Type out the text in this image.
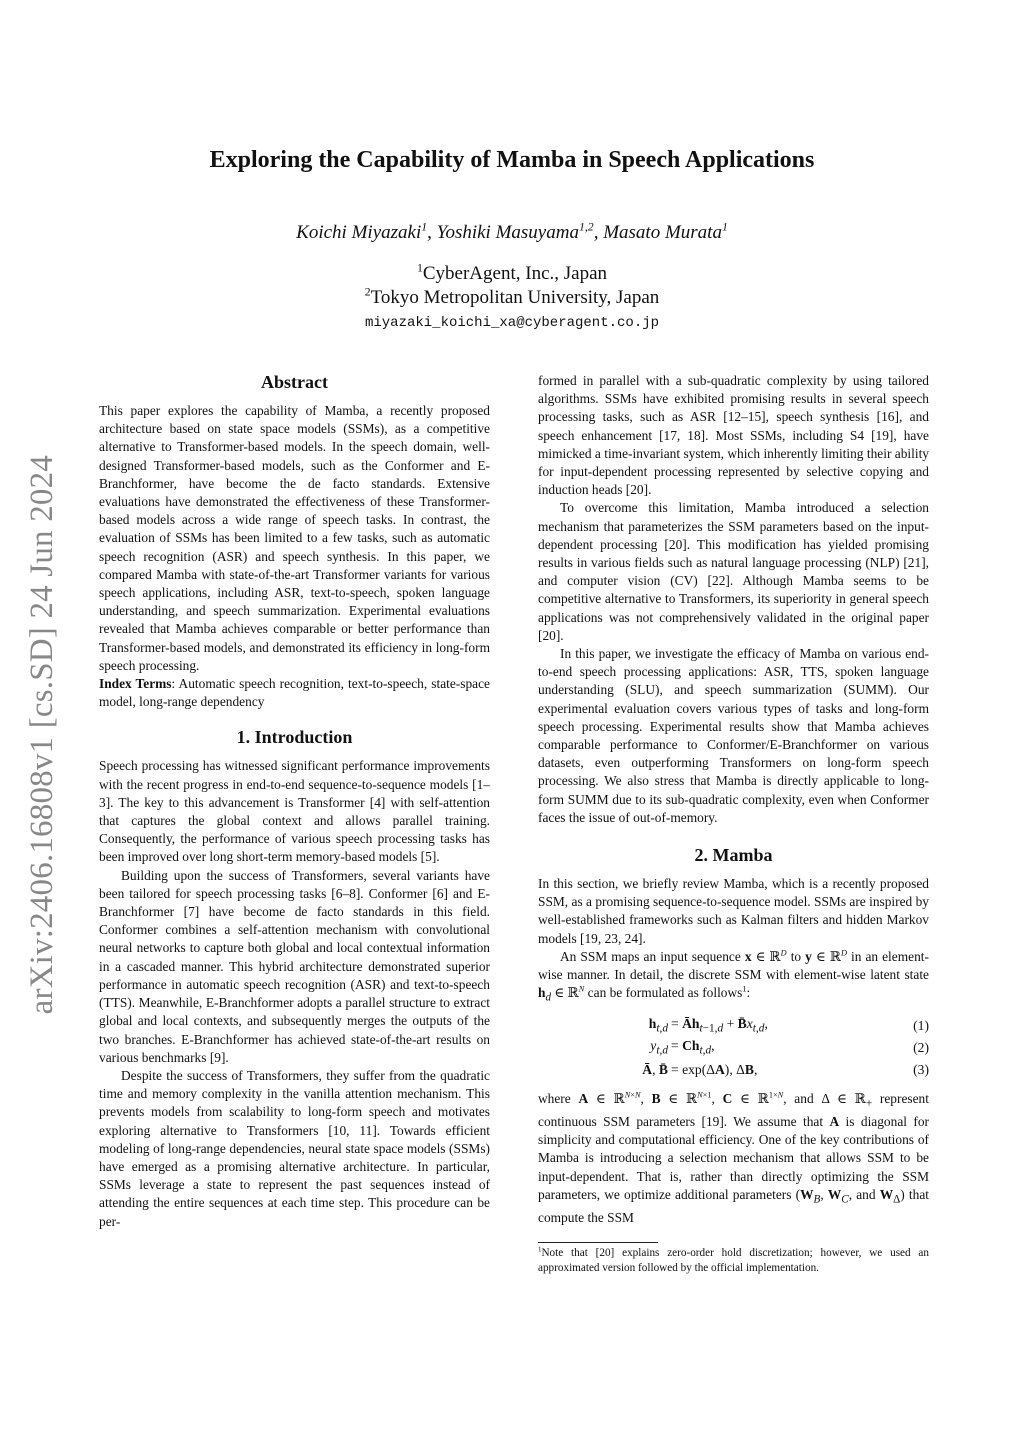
arXiv:2406.16808v1 [cs.SD] 24 Jun 2024
Exploring the Capability of Mamba in Speech Applications
Koichi Miyazaki$^1$, Yoshiki Masuyama$^{1,2}$, Masato Murata$^1$
$^1$CyberAgent, Inc., Japan
$^2$Tokyo Metropolitan University, Japan
miyazaki_koichi_xa@cyberagent.co.jp
Abstract

This paper explores the capability of Mamba, a recently proposed architecture based on state space models (SSMs), as a competitive alternative to Transformer-based models. In the speech domain, well-designed Transformer-based models, such as the Conformer and E-Branchformer, have become the de facto standards. Extensive evaluations have demonstrated the effectiveness of these Transformer-based models across a wide range of speech tasks. In contrast, the evaluation of SSMs has been limited to a few tasks, such as automatic speech recognition (ASR) and speech synthesis. In this paper, we compared Mamba with state-of-the-art Transformer variants for various speech applications, including ASR, text-to-speech, spoken language understanding, and speech summarization. Experimental evaluations revealed that Mamba achieves comparable or better performance than Transformer-based models, and demonstrated its efficiency in long-form speech processing.

Index Terms: Automatic speech recognition, text-to-speech, state-space model, long-range dependency

1. Introduction

Speech processing has witnessed significant performance improvements with the recent progress in end-to-end sequence-to-sequence models [1–3]. The key to this advancement is Transformer [4] with self-attention that captures the global context and allows parallel training. Consequently, the performance of various speech processing tasks has been improved over long short-term memory-based models [5].

Building upon the success of Transformers, several variants have been tailored for speech processing tasks [6–8]. Conformer [6] and E-Branchformer [7] have become de facto standards in this field. Conformer combines a self-attention mechanism with convolutional neural networks to capture both global and local contextual information in a cascaded manner. This hybrid architecture demonstrated superior performance in automatic speech recognition (ASR) and text-to-speech (TTS). Meanwhile, E-Branchformer adopts a parallel structure to extract global and local contexts, and subsequently merges the outputs of the two branches. E-Branchformer has achieved state-of-the-art results on various benchmarks [9].

Despite the success of Transformers, they suffer from the quadratic time and memory complexity in the vanilla attention mechanism. This prevents models from scalability to long-form speech and motivates exploring alternative to Transformers [10, 11]. Towards efficient modeling of long-range dependencies, neural state space models (SSMs) have emerged as a promising alternative architecture. In particular, SSMs leverage a state to represent the past sequences instead of attending the entire sequences at each time step. This procedure can be per-

formed in parallel with a sub-quadratic complexity by using tailored algorithms. SSMs have exhibited promising results in several speech processing tasks, such as ASR [12–15], speech synthesis [16], and speech enhancement [17, 18]. Most SSMs, including S4 [19], have mimicked a time-invariant system, which inherently limiting their ability for input-dependent processing represented by selective copying and induction heads [20].

To overcome this limitation, Mamba introduced a selection mechanism that parameterizes the SSM parameters based on the input-dependent processing [20]. This modification has yielded promising results in various fields such as natural language processing (NLP) [21], and computer vision (CV) [22]. Although Mamba seems to be competitive alternative to Transformers, its superiority in general speech applications was not comprehensively validated in the original paper [20].

In this paper, we investigate the efficacy of Mamba on various end-to-end speech processing applications: ASR, TTS, spoken language understanding (SLU), and speech summarization (SUMM). Our experimental evaluation covers various types of tasks and long-form speech processing. Experimental results show that Mamba achieves comparable performance to Conformer/E-Branchformer on various datasets, even outperforming Transformers on long-form speech processing. We also stress that Mamba is directly applicable to long-form SUMM due to its sub-quadratic complexity, even when Conformer faces the issue of out-of-memory.

2. Mamba

In this section, we briefly review Mamba, which is a recently proposed SSM, as a promising sequence-to-sequence model. SSMs are inspired by well-established frameworks such as Kalman filters and hidden Markov models [19, 23, 24].

An SSM maps an input sequence x ∈ ℝ$^D$ to y ∈ ℝ$^D$ in an element-wise manner. In detail, the discrete SSM with element-wise latent state $h_d$ ∈ ℝ$^N$ can be formulated as follows$^1$:

$h_{t,d}$ = $Āh_{t-1,d}$ + $B̄x_{t,d}$,	(1)
$y_{t,d} = Ch_{t,d}$,	(2)
Ā, B̄ = exp(ΔA), ΔB,	(3)

where A ∈ ℝ$^{N\times N}$, B ∈ ℝ$^{N\times 1}$, C ∈ ℝ$^{1\times N}$, and Δ ∈ ℝ$_+$ represent continuous SSM parameters [19]. We assume that A is diagonal for simplicity and computational efficiency. One of the key contributions of Mamba is introducing a selection mechanism that allows SSM to be input-dependent. That is, rather than directly optimizing the SSM parameters, we optimize additional parameters ($W_B$, $W_C$, and $W_\Delta$) that compute the SSM

$^1$Note that [20] explains zero-order hold discretization; however, we used an approximated version followed by the official implementation.
